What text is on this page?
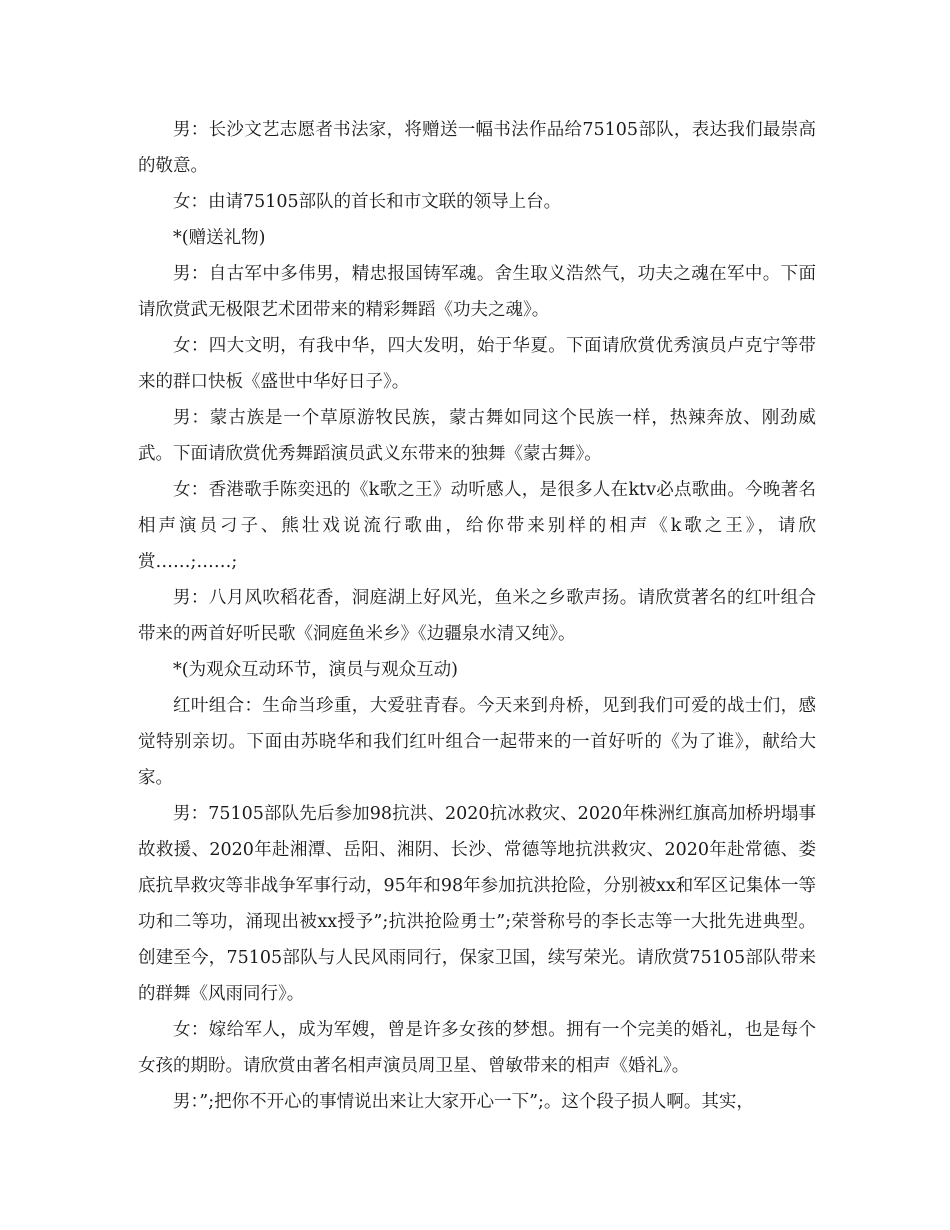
男：长沙文艺志愿者书法家，将赠送一幅书法作品给75105部队，表达我们最崇高的敬意。

女：由请75105部队的首长和市文联的领导上台。

*(赠送礼物)

男：自古军中多伟男，精忠报国铸军魂。舍生取义浩然气，功夫之魂在军中。下面请欣赏武无极限艺术团带来的精彩舞蹈《功夫之魂》。

女：四大文明，有我中华，四大发明，始于华夏。下面请欣赏优秀演员卢克宁等带来的群口快板《盛世中华好日子》。

男：蒙古族是一个草原游牧民族，蒙古舞如同这个民族一样，热辣奔放、刚劲威武。下面请欣赏优秀舞蹈演员武义东带来的独舞《蒙古舞》。

女：香港歌手陈奕迅的《k歌之王》动听感人，是很多人在ktv必点歌曲。今晚著名相声演员刁子、熊壮戏说流行歌曲，给你带来别样的相声《k歌之王》，请欣赏……;……;

男：八月风吹稻花香，洞庭湖上好风光，鱼米之乡歌声扬。请欣赏著名的红叶组合带来的两首好听民歌《洞庭鱼米乡》《边疆泉水清又纯》。

*(为观众互动环节，演员与观众互动)

红叶组合：生命当珍重，大爱驻青春。今天来到舟桥，见到我们可爱的战士们，感觉特别亲切。下面由苏晓华和我们红叶组合一起带来的一首好听的《为了谁》，献给大家。

男：75105部队先后参加98抗洪、2020抗冰救灾、2020年株洲红旗高加桥坍塌事故救援、2020年赴湘潭、岳阳、湘阴、长沙、常德等地抗洪救灾、2020年赴常德、娄底抗旱救灾等非战争军事行动，95年和98年参加抗洪抢险，分别被xx和军区记集体一等功和二等功，涌现出被xx授予”;抗洪抢险勇士”;荣誉称号的李长志等一大批先进典型。创建至今，75105部队与人民风雨同行，保家卫国，续写荣光。请欣赏75105部队带来的群舞《风雨同行》。

女：嫁给军人，成为军嫂，曾是许多女孩的梦想。拥有一个完美的婚礼，也是每个女孩的期盼。请欣赏由著名相声演员周卫星、曾敏带来的相声《婚礼》。

男：”;把你不开心的事情说出来让大家开心一下”;。这个段子损人啊。其实，
